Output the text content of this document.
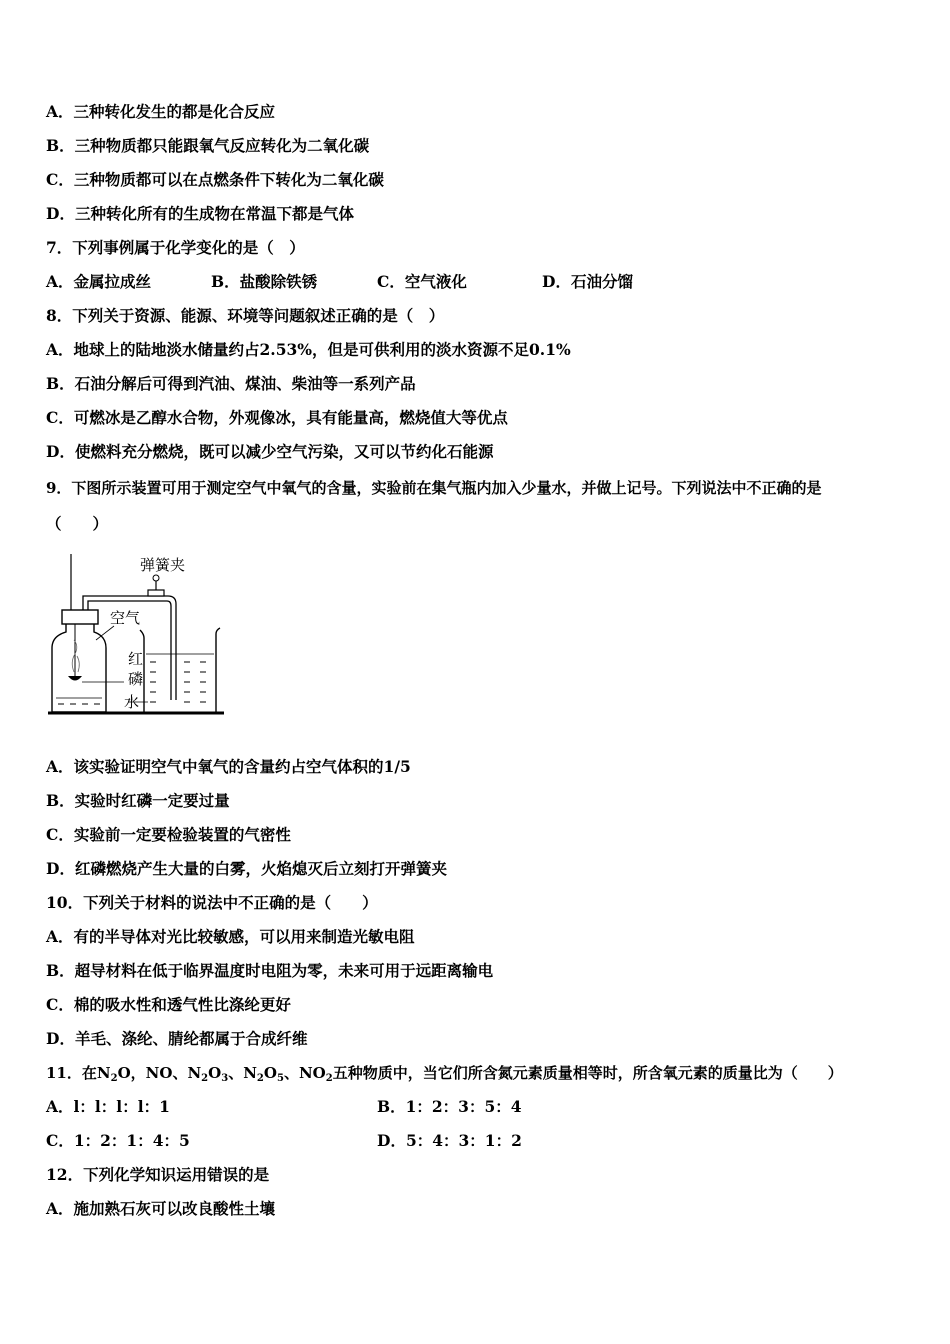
A．三种转化发生的都是化合反应
B．三种物质都只能跟氧气反应转化为二氧化碳
C．三种物质都可以在点燃条件下转化为二氧化碳
D．三种转化所有的生成物在常温下都是气体
7．下列事例属于化学变化的是（　）
A．金属拉成丝	B．盐酸除铁锈	C．空气液化	D．石油分馏
8．下列关于资源、能源、环境等问题叙述正确的是（　）
A．地球上的陆地淡水储量约占2.53%，但是可供利用的淡水资源不足0.1%
B．石油分解后可得到汽油、煤油、柴油等一系列产品
C．可燃冰是乙醇水合物，外观像冰，具有能量高，燃烧值大等优点
D．使燃料充分燃烧，既可以减少空气污染，又可以节约化石能源
9．下图所示装置可用于测定空气中氧气的含量，实验前在集气瓶内加入少量水，并做上记号。下列说法中不正确的是
（　　）
弹簧夹
空气
红
磷
水
A．该实验证明空气中氧气的含量约占空气体积的1/5
B．实验时红磷一定要过量
C．实验前一定要检验装置的气密性
D．红磷燃烧产生大量的白雾，火焰熄灭后立刻打开弹簧夹
10．下列关于材料的说法中不正确的是（　　）
A．有的半导体对光比较敏感，可以用来制造光敏电阻
B．超导材料在低于临界温度时电阻为零，未来可用于远距离输电
C．棉的吸水性和透气性比涤纶更好
D．羊毛、涤纶、腈纶都属于合成纤维
11．在$N_2O$，NO、$N_2O_3$、$N_2O_5$、$NO_2$五种物质中，当它们所含氮元素质量相等时，所含氧元素的质量比为（　　）
A．l：l：l：l：1	B．1：2：3：5：4
C．1：2：1：4：5	D．5：4：3：1：2
12．下列化学知识运用错误的是
A．施加熟石灰可以改良酸性土壤
